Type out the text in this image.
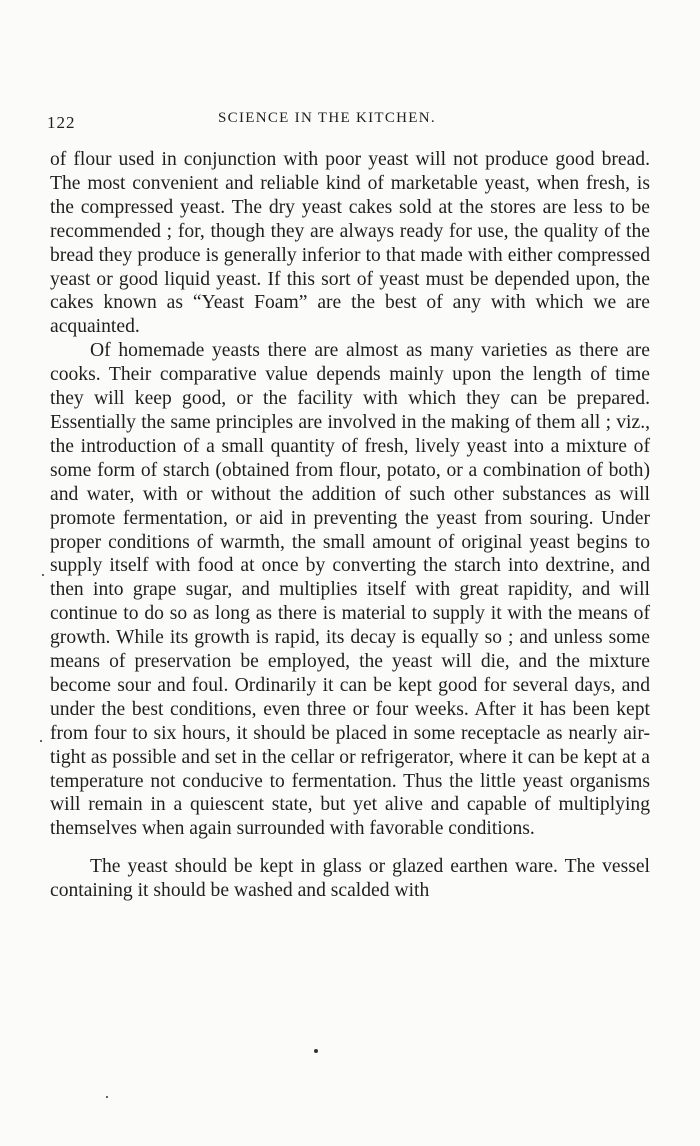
122	SCIENCE IN THE KITCHEN.

of flour used in conjunction with poor yeast will not produce good bread. The most convenient and reliable kind of marketable yeast, when fresh, is the compressed yeast. The dry yeast cakes sold at the stores are less to be recommended ; for, though they are always ready for use, the quality of the bread they produce is generally inferior to that made with either compressed yeast or good liquid yeast. If this sort of yeast must be depended upon, the cakes known as “Yeast Foam” are the best of any with which we are acquainted.

Of homemade yeasts there are almost as many varieties as there are cooks. Their comparative value depends mainly upon the length of time they will keep good, or the facility with which they can be prepared. Essentially the same principles are involved in the making of them all ; viz., the introduction of a small quantity of fresh, lively yeast into a mixture of some form of starch (obtained from flour, potato, or a combination of both) and water, with or without the addition of such other substances as will promote fermentation, or aid in preventing the yeast from souring. Under proper conditions of warmth, the small amount of original yeast begins to supply itself with food at once by converting the starch into dextrine, and then into grape sugar, and multiplies itself with great rapidity, and will continue to do so as long as there is material to supply it with the means of growth. While its growth is rapid, its decay is equally so ; and unless some means of preservation be employed, the yeast will die, and the mixture become sour and foul. Ordinarily it can be kept good for several days, and under the best conditions, even three or four weeks. After it has been kept from four to six hours, it should be placed in some receptacle as nearly air-tight as possible and set in the cellar or refrigerator, where it can be kept at a temperature not conducive to fermentation. Thus the little yeast organisms will remain in a quiescent state, but yet alive and capable of multiplying themselves when again surrounded with favorable conditions.

The yeast should be kept in glass or glazed earthen ware. The vessel containing it should be washed and scalded with
